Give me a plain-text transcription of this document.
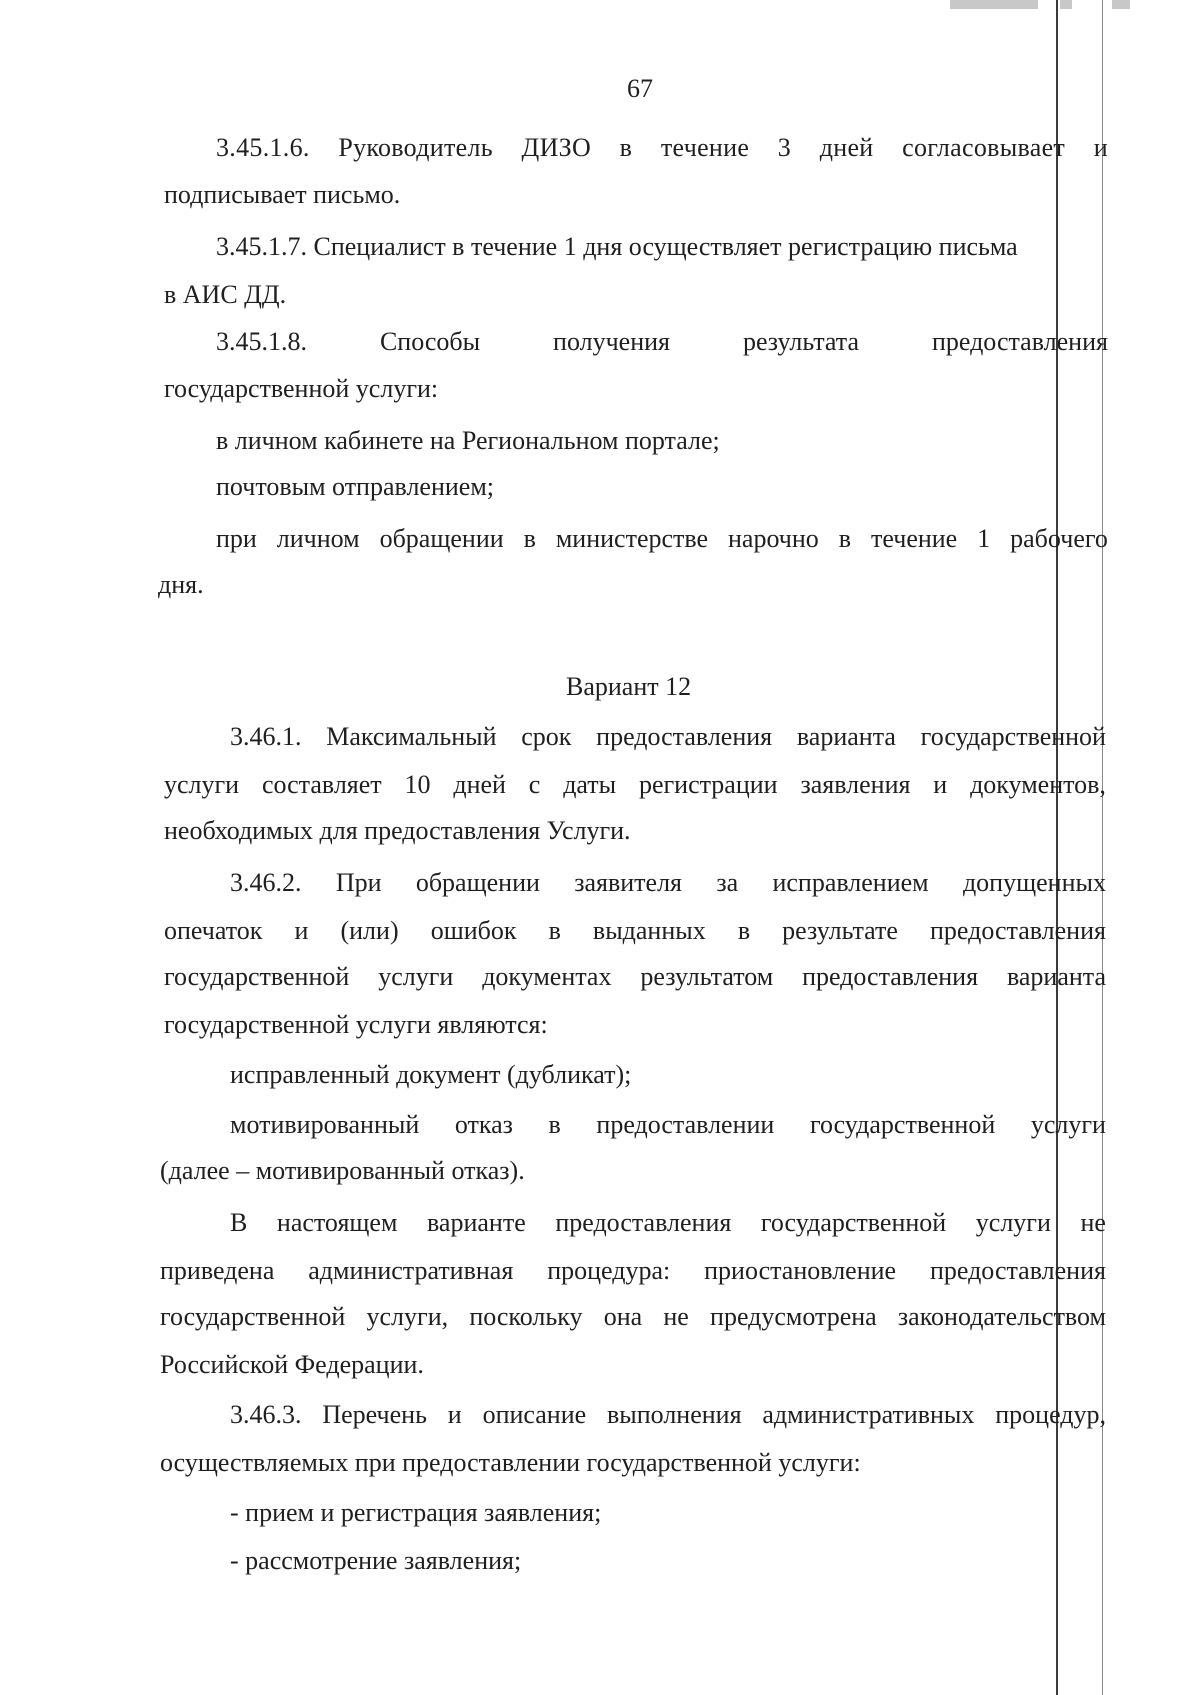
67

3.45.1.6. Руководитель ДИЗО в течение 3 дней согласовывает и

подписывает письмо.

3.45.1.7. Специалист в течение 1 дня осуществляет регистрацию письма

в АИС ДД.

3.45.1.8.	Способы	получения	результата	предоставления

государственной услуги:

в личном кабинете на Региональном портале;

почтовым отправлением;

при личном обращении в министерстве нарочно в течение 1 рабочего

дня.

Вариант 12

3.46.1. Максимальный срок предоставления варианта государственной

услуги составляет 10 дней с даты регистрации заявления и документов,

необходимых для предоставления Услуги.

3.46.2. При обращении заявителя за исправлением допущенных

опечаток и (или) ошибок в выданных в результате предоставления

государственной услуги документах результатом предоставления варианта

государственной услуги являются:

исправленный документ (дубликат);

мотивированный отказ в предоставлении государственной услуги

(далее – мотивированный отказ).

В настоящем варианте предоставления государственной услуги не

приведена административная процедура: приостановление предоставления

государственной услуги, поскольку она не предусмотрена законодательством

Российской Федерации.

3.46.3. Перечень и описание выполнения административных процедур,

осуществляемых при предоставлении государственной услуги:

- прием и регистрация заявления;

- рассмотрение заявления;
